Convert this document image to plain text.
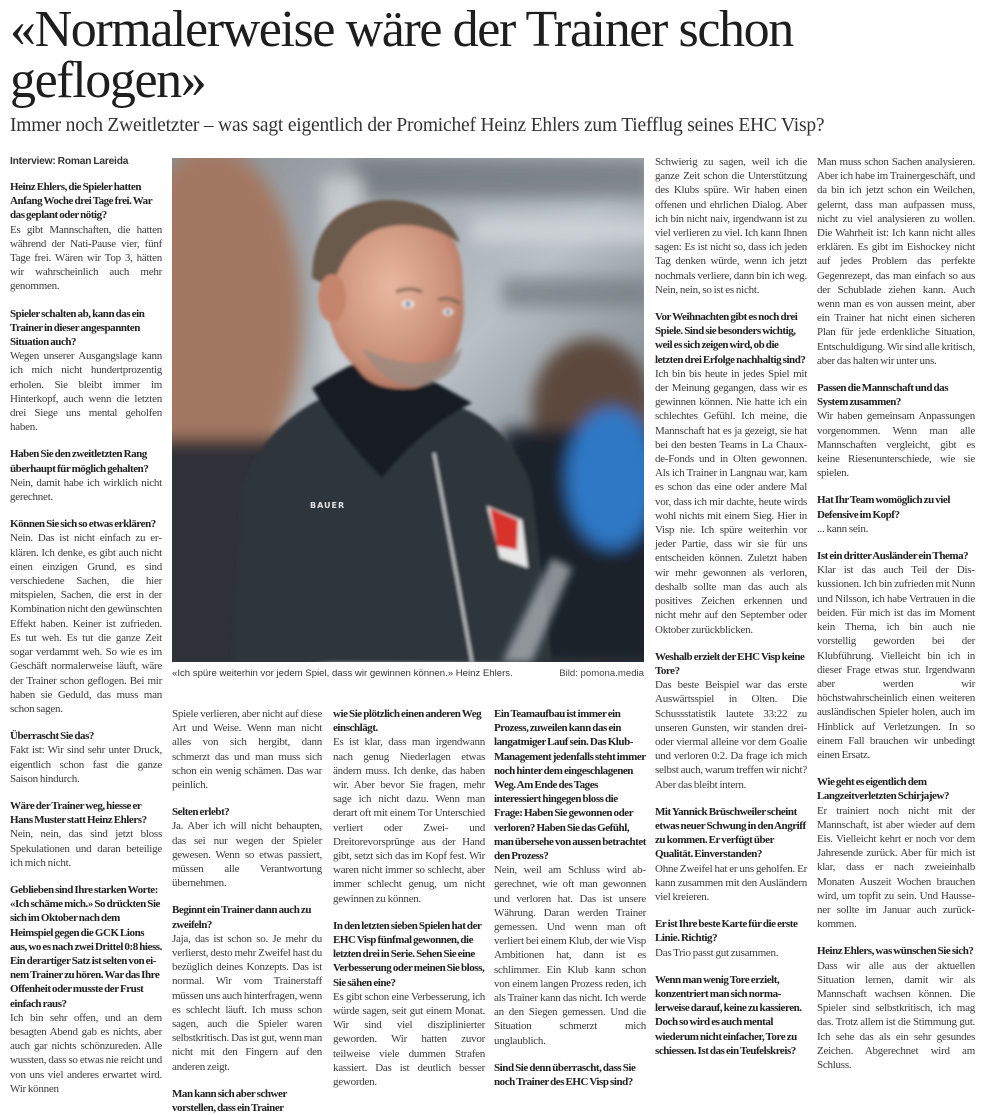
«Normalerweise wäre der Trainer schon geflogen»
Immer noch Zweitletzter – was sagt eigentlich der Promichef Heinz Ehlers zum Tiefflug seines EHC Visp?
Interview: Roman Lareida

Heinz Ehlers, die Spieler hatten Anfang Woche drei Tage frei. War das geplant oder nötig?

Es gibt Mannschaften, die hatten während der Nati-Pause vier, fünf Tage frei. Wären wir Top 3, hätten wir wahrscheinlich auch mehr genommen.

Spieler schalten ab, kann das ein Trainer in dieser angespannten Situation auch?

Wegen unserer Ausgangslage kann ich mich nicht hundertprozentig erholen. Sie bleibt immer im Hinterkopf, auch wenn die letzten drei Siege uns mental geholfen haben.

Haben Sie den zweitletzten Rang überhaupt für möglich gehalten?

Nein, damit habe ich wirklich nicht gerechnet.

Können Sie sich so etwas erklären?

Nein. Das ist nicht einfach zu erklären. Ich denke, es gibt auch nicht einen einzigen Grund, es sind verschiedene Sachen, die hier mitspielen, Sachen, die erst in der Kombination nicht den gewünschten Effekt haben. Keiner ist zufrieden. Es tut weh. Es tut die ganze Zeit sogar verdammt weh. So wie es im Geschäft normalerweise läuft, wäre der Trainer schon geflogen. Bei mir haben sie Geduld, das muss man schon sagen.

Überrascht Sie das?

Fakt ist: Wir sind sehr unter Druck, eigentlich schon fast die ganze Saison hindurch.

Wäre der Trainer weg, hiesse er Hans Muster statt Heinz Ehlers?

Nein, nein, das sind jetzt bloss Spekulationen und daran beteilige ich mich nicht.

Geblieben sind Ihre starken Worte: «Ich schäme mich.» So drückten Sie sich im Oktober nach dem Heimspiel gegen die GCK Lions aus, wo es nach zwei Drittel 0:8 hiess. Ein derartiger Satz ist selten von einem Trainer zu hören. War das Ihre Offenheit oder musste der Frust einfach raus?

Ich bin sehr offen, und an dem besagten Abend gab es nichts, aber auch gar nichts schönzureden. Alle wussten, dass so etwas nie reicht und von uns viel anderes erwartet wird. Wir können

BAUER
«Ich spüre weiterhin vor jedem Spiel, dass wir gewinnen können.» Heinz Ehlers.	Bild: pomona.media

Spiele verlieren, aber nicht auf diese Art und Weise. Wenn man nicht alles von sich hergibt, dann schmerzt das und man muss sich schon ein wenig schämen. Das war peinlich.

Selten erlebt?

Ja. Aber ich will nicht behaupten, das sei nur wegen der Spieler gewesen. Wenn so etwas passiert, müssen alle Verantwortung übernehmen.

Beginnt ein Trainer dann auch zu zweifeln?

Jaja, das ist schon so. Je mehr du verlierst, desto mehr Zweifel hast du bezüglich deines Konzepts. Das ist normal. Wir vom Trainerstaff müssen uns auch hinterfragen, wenn es schlecht läuft. Ich muss schon sagen, auch die Spieler waren selbstkritisch. Das ist gut, wenn man nicht mit den Fingern auf den anderen zeigt.

Man kann sich aber schwer vorstellen, dass ein Trainer

wie Sie plötzlich einen anderen Weg einschlägt.

Es ist klar, dass man irgendwann nach genug Niederlagen etwas ändern muss. Ich denke, das haben wir. Aber bevor Sie fragen, mehr sage ich nicht dazu. Wenn man derart oft mit einem Tor Unterschied verliert oder Zwei- und Dreitorevorsprünge aus der Hand gibt, setzt sich das im Kopf fest. Wir waren nicht immer so schlecht, aber immer schlecht genug, um nicht gewinnen zu können.

In den letzten sieben Spielen hat der EHC Visp fünfmal gewonnen, die letzten drei in Serie. Sehen Sie eine Verbesserung oder meinen Sie bloss, Sie sähen eine?

Es gibt schon eine Verbesserung, ich würde sagen, seit gut einem Monat. Wir sind viel disziplinierter geworden. Wir hatten zuvor teilweise viele dummen Strafen kassiert. Das ist deutlich besser geworden.

Ein Teamaufbau ist immer ein Prozess, zuweilen kann das ein langatmiger Lauf sein. Das Klub-Management jedenfalls steht immer noch hinter dem eingeschlagenen Weg. Am Ende des Tages interessiert hingegen bloss die Frage: Haben Sie gewonnen oder verloren? Haben Sie das Gefühl, man übersehe von aussen betrachtet den Prozess?

Nein, weil am Schluss wird abgerechnet, wie oft man gewonnen und verloren hat. Das ist unsere Währung. Daran werden Trainer gemessen. Und wenn man oft verliert bei einem Klub, der wie Visp Ambitionen hat, dann ist es schlimmer. Ein Klub kann schon von einem langen Prozess reden, ich als Trainer kann das nicht. Ich werde an den Siegen gemessen. Und die Situation schmerzt mich unglaublich.

Sind Sie denn überrascht, dass Sie noch Trainer des EHC Visp sind?

Schwierig zu sagen, weil ich die ganze Zeit schon die Unterstützung des Klubs spüre. Wir haben einen offenen und ehrlichen Dialog. Aber ich bin nicht naiv, irgendwann ist zu viel verlieren zu viel. Ich kann Ihnen sagen: Es ist nicht so, dass ich jeden Tag denken würde, wenn ich jetzt nochmals verliere, dann bin ich weg. Nein, nein, so ist es nicht.

Vor Weihnachten gibt es noch drei Spiele. Sind sie besonders wichtig, weil es sich zeigen wird, ob die letzten drei Erfolge nachhaltig sind?

Ich bin bis heute in jedes Spiel mit der Meinung gegangen, dass wir es gewinnen können. Nie hatte ich ein schlechtes Gefühl. Ich meine, die Mannschaft hat es ja gezeigt, sie hat bei den besten Teams in La Chaux-de-Fonds und in Olten gewonnen. Als ich Trainer in Langnau war, kam es schon das eine oder andere Mal vor, dass ich mir dachte, heute wirds wohl nichts mit einem Sieg. Hier in Visp nie. Ich spüre weiterhin vor jeder Partie, dass wir sie für uns entscheiden können. Zuletzt haben wir mehr gewonnen als verloren, deshalb sollte man das auch als positives Zeichen erkennen und nicht mehr auf den September oder Oktober zurückblicken.

Weshalb erzielt der EHC Visp keine Tore?

Das beste Beispiel war das erste Auswärtsspiel in Olten. Die Schussstatistik lautete 33:22 zu unseren Gunsten, wir standen drei- oder viermal alleine vor dem Goalie und verloren 0:2. Da frage ich mich selbst auch, warum treffen wir nicht? Aber das bleibt intern.

Mit Yannick Brüschweiler scheint etwas neuer Schwung in den Angriff zu kommen. Er verfügt über Qualität. Einverstanden?

Ohne Zweifel hat er uns geholfen. Er kann zusammen mit den Ausländern viel kreieren.

Er ist Ihre beste Karte für die erste Linie. Richtig?

Das Trio passt gut zusammen.

Wenn man wenig Tore erzielt, konzentriert man sich normalerweise darauf, keine zu kassieren. Doch so wird es auch mental wiederum nicht einfacher, Tore zu schiessen. Ist das ein Teufelskreis?

Man muss schon Sachen analysieren. Aber ich habe im Trainergeschäft, und da bin ich jetzt schon ein Weilchen, gelernt, dass man aufpassen muss, nicht zu viel analysieren zu wollen. Die Wahrheit ist: Ich kann nicht alles erklären. Es gibt im Eishockey nicht auf jedes Problem das perfekte Gegenrezept, das man einfach so aus der Schublade ziehen kann. Auch wenn man es von aussen meint, aber ein Trainer hat nicht einen sicheren Plan für jede erdenkliche Situation, Entschuldigung. Wir sind alle kritisch, aber das halten wir unter uns.

Passen die Mannschaft und das System zusammen?

Wir haben gemeinsam Anpassungen vorgenommen. Wenn man alle Mannschaften vergleicht, gibt es keine Riesenunterschiede, wie sie spielen.

Hat Ihr Team womöglich zu viel Defensive im Kopf?

... kann sein.

Ist ein dritter Ausländer ein Thema?

Klar ist das auch Teil der Diskussionen. Ich bin zufrieden mit Nunn und Nilsson, ich habe Vertrauen in die beiden. Für mich ist das im Moment kein Thema, ich bin auch nie vorstellig geworden bei der Klubführung. Vielleicht bin ich in dieser Frage etwas stur. Irgendwann aber werden wir höchstwahrscheinlich einen weiteren ausländischen Spieler holen, auch im Hinblick auf Verletzungen. In so einem Fall brauchen wir unbedingt einen Ersatz.

Wie geht es eigentlich dem Langzeitverletzten Schirjajew?

Er trainiert noch nicht mit der Mannschaft, ist aber wieder auf dem Eis. Vielleicht kehrt er noch vor dem Jahresende zurück. Aber für mich ist klar, dass er nach zweieinhalb Monaten Auszeit Wochen brauchen wird, um topfit zu sein. Und Haussener sollte im Januar auch zurückkommen.

Heinz Ehlers, was wünschen Sie sich?

Dass wir alle aus der aktuellen Situation lernen, damit wir als Mannschaft wachsen können. Die Spieler sind selbstkritisch, ich mag das. Trotz allem ist die Stimmung gut. Ich sehe das als ein sehr gesundes Zeichen. Abgerechnet wird am Schluss.
